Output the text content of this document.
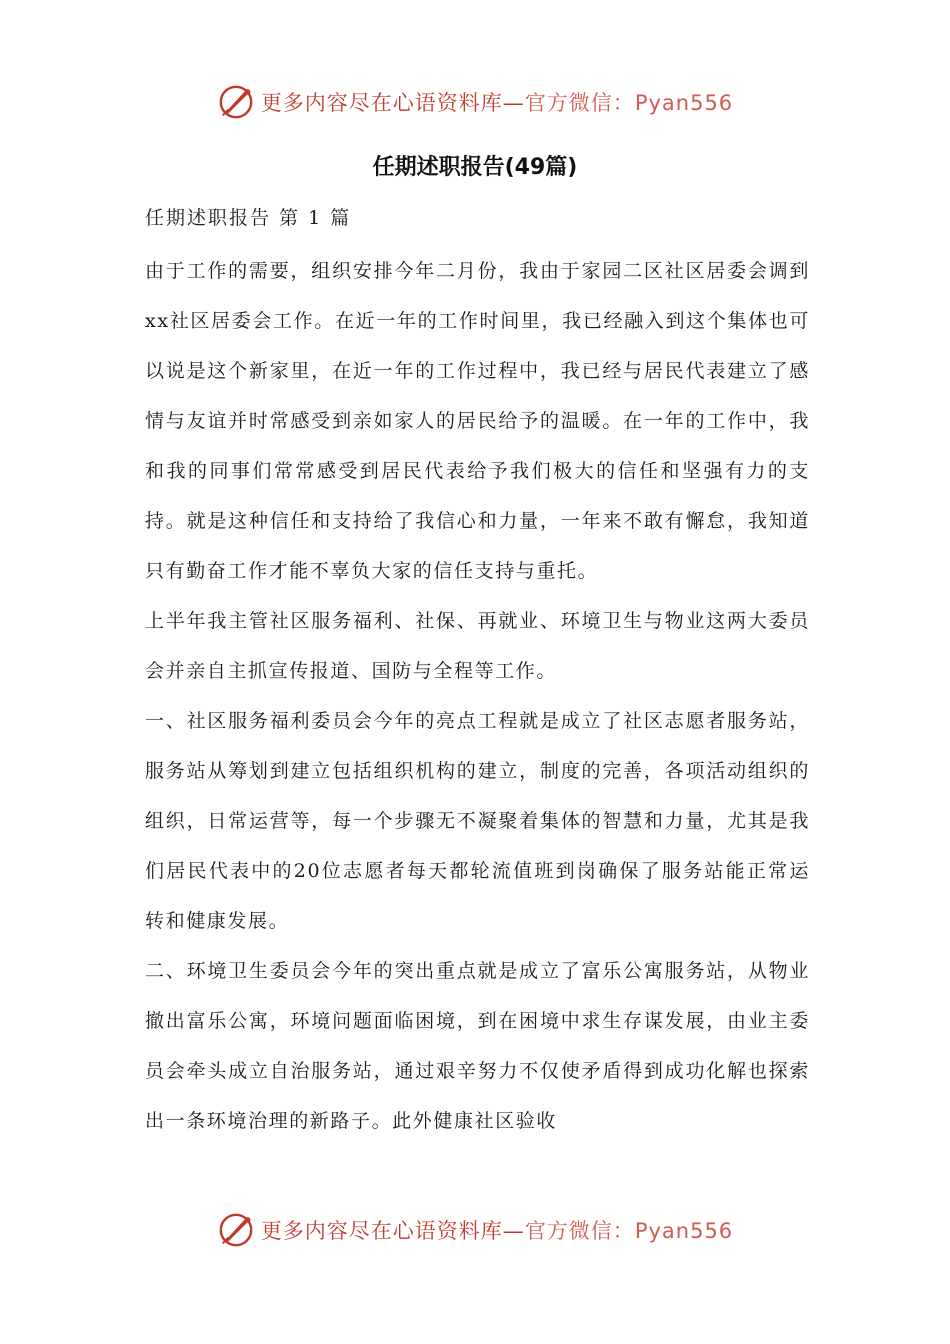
更多内容尽在心语资料库—官方微信：Pyan556
任期述职报告(49篇)
任期述职报告 第 1 篇

由于工作的需要，组织安排今年二月份，我由于家园二区社区居委会调到xx社区居委会工作。在近一年的工作时间里，我已经融入到这个集体也可以说是这个新家里，在近一年的工作过程中，我已经与居民代表建立了感情与友谊并时常感受到亲如家人的居民给予的温暖。在一年的工作中，我和我的同事们常常感受到居民代表给予我们极大的信任和坚强有力的支持。就是这种信任和支持给了我信心和力量，一年来不敢有懈怠，我知道只有勤奋工作才能不辜负大家的信任支持与重托。

上半年我主管社区服务福利、社保、再就业、环境卫生与物业这两大委员会并亲自主抓宣传报道、国防与全程等工作。

一、社区服务福利委员会今年的亮点工程就是成立了社区志愿者服务站，服务站从筹划到建立包括组织机构的建立，制度的完善，各项活动组织的组织，日常运营等，每一个步骤无不凝聚着集体的智慧和力量，尤其是我们居民代表中的20位志愿者每天都轮流值班到岗确保了服务站能正常运转和健康发展。

二、环境卫生委员会今年的突出重点就是成立了富乐公寓服务站，从物业撤出富乐公寓，环境问题面临困境，到在困境中求生存谋发展，由业主委员会牵头成立自治服务站，通过艰辛努力不仅使矛盾得到成功化解也探索出一条环境治理的新路子。此外健康社区验收

更多内容尽在心语资料库—官方微信：Pyan556
